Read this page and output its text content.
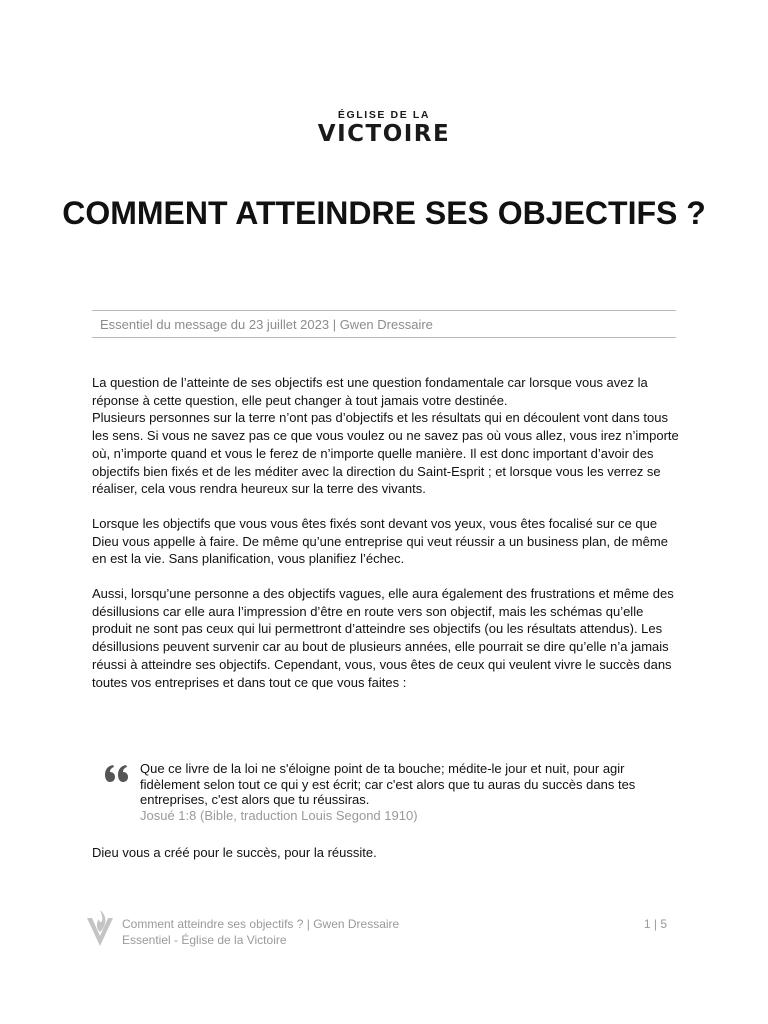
ÉGLISE DE LA
VICTOIRE
COMMENT ATTEINDRE SES OBJECTIFS ?
Essentiel du message du 23 juillet 2023 | Gwen Dressaire

La question de l’atteinte de ses objectifs est une question fondamentale car lorsque vous avez la réponse à cette question, elle peut changer à tout jamais votre destinée.
Plusieurs personnes sur la terre n’ont pas d’objectifs et les résultats qui en découlent vont dans tous les sens. Si vous ne savez pas ce que vous voulez ou ne savez pas où vous allez, vous irez n’importe où, n’importe quand et vous le ferez de n’importe quelle manière. Il est donc important d’avoir des objectifs bien fixés et de les méditer avec la direction du Saint-Esprit ; et lorsque vous les verrez se réaliser, cela vous rendra heureux sur la terre des vivants.

Lorsque les objectifs que vous vous êtes fixés sont devant vos yeux, vous êtes focalisé sur ce que Dieu vous appelle à faire. De même qu’une entreprise qui veut réussir a un business plan, de même en est la vie. Sans planification, vous planifiez l’échec.

Aussi, lorsqu’une personne a des objectifs vagues, elle aura également des frustrations et même des désillusions car elle aura l’impression d’être en route vers son objectif, mais les schémas qu’elle produit ne sont pas ceux qui lui permettront d’atteindre ses objectifs (ou les résultats attendus). Les désillusions peuvent survenir car au bout de plusieurs années, elle pourrait se dire qu’elle n’a jamais réussi à atteindre ses objectifs. Cependant, vous, vous êtes de ceux qui veulent vivre le succès dans toutes vos entreprises et dans tout ce que vous faites :

Que ce livre de la loi ne s'éloigne point de ta bouche; médite-le jour et nuit, pour agir fidèlement selon tout ce qui y est écrit; car c'est alors que tu auras du succès dans tes entreprises, c'est alors que tu réussiras.
Josué 1:8 (Bible, traduction Louis Segond 1910)

Dieu vous a créé pour le succès, pour la réussite.

Comment atteindre ses objectifs ? | Gwen Dressaire
Essentiel - Église de la Victoire
1 | 5
